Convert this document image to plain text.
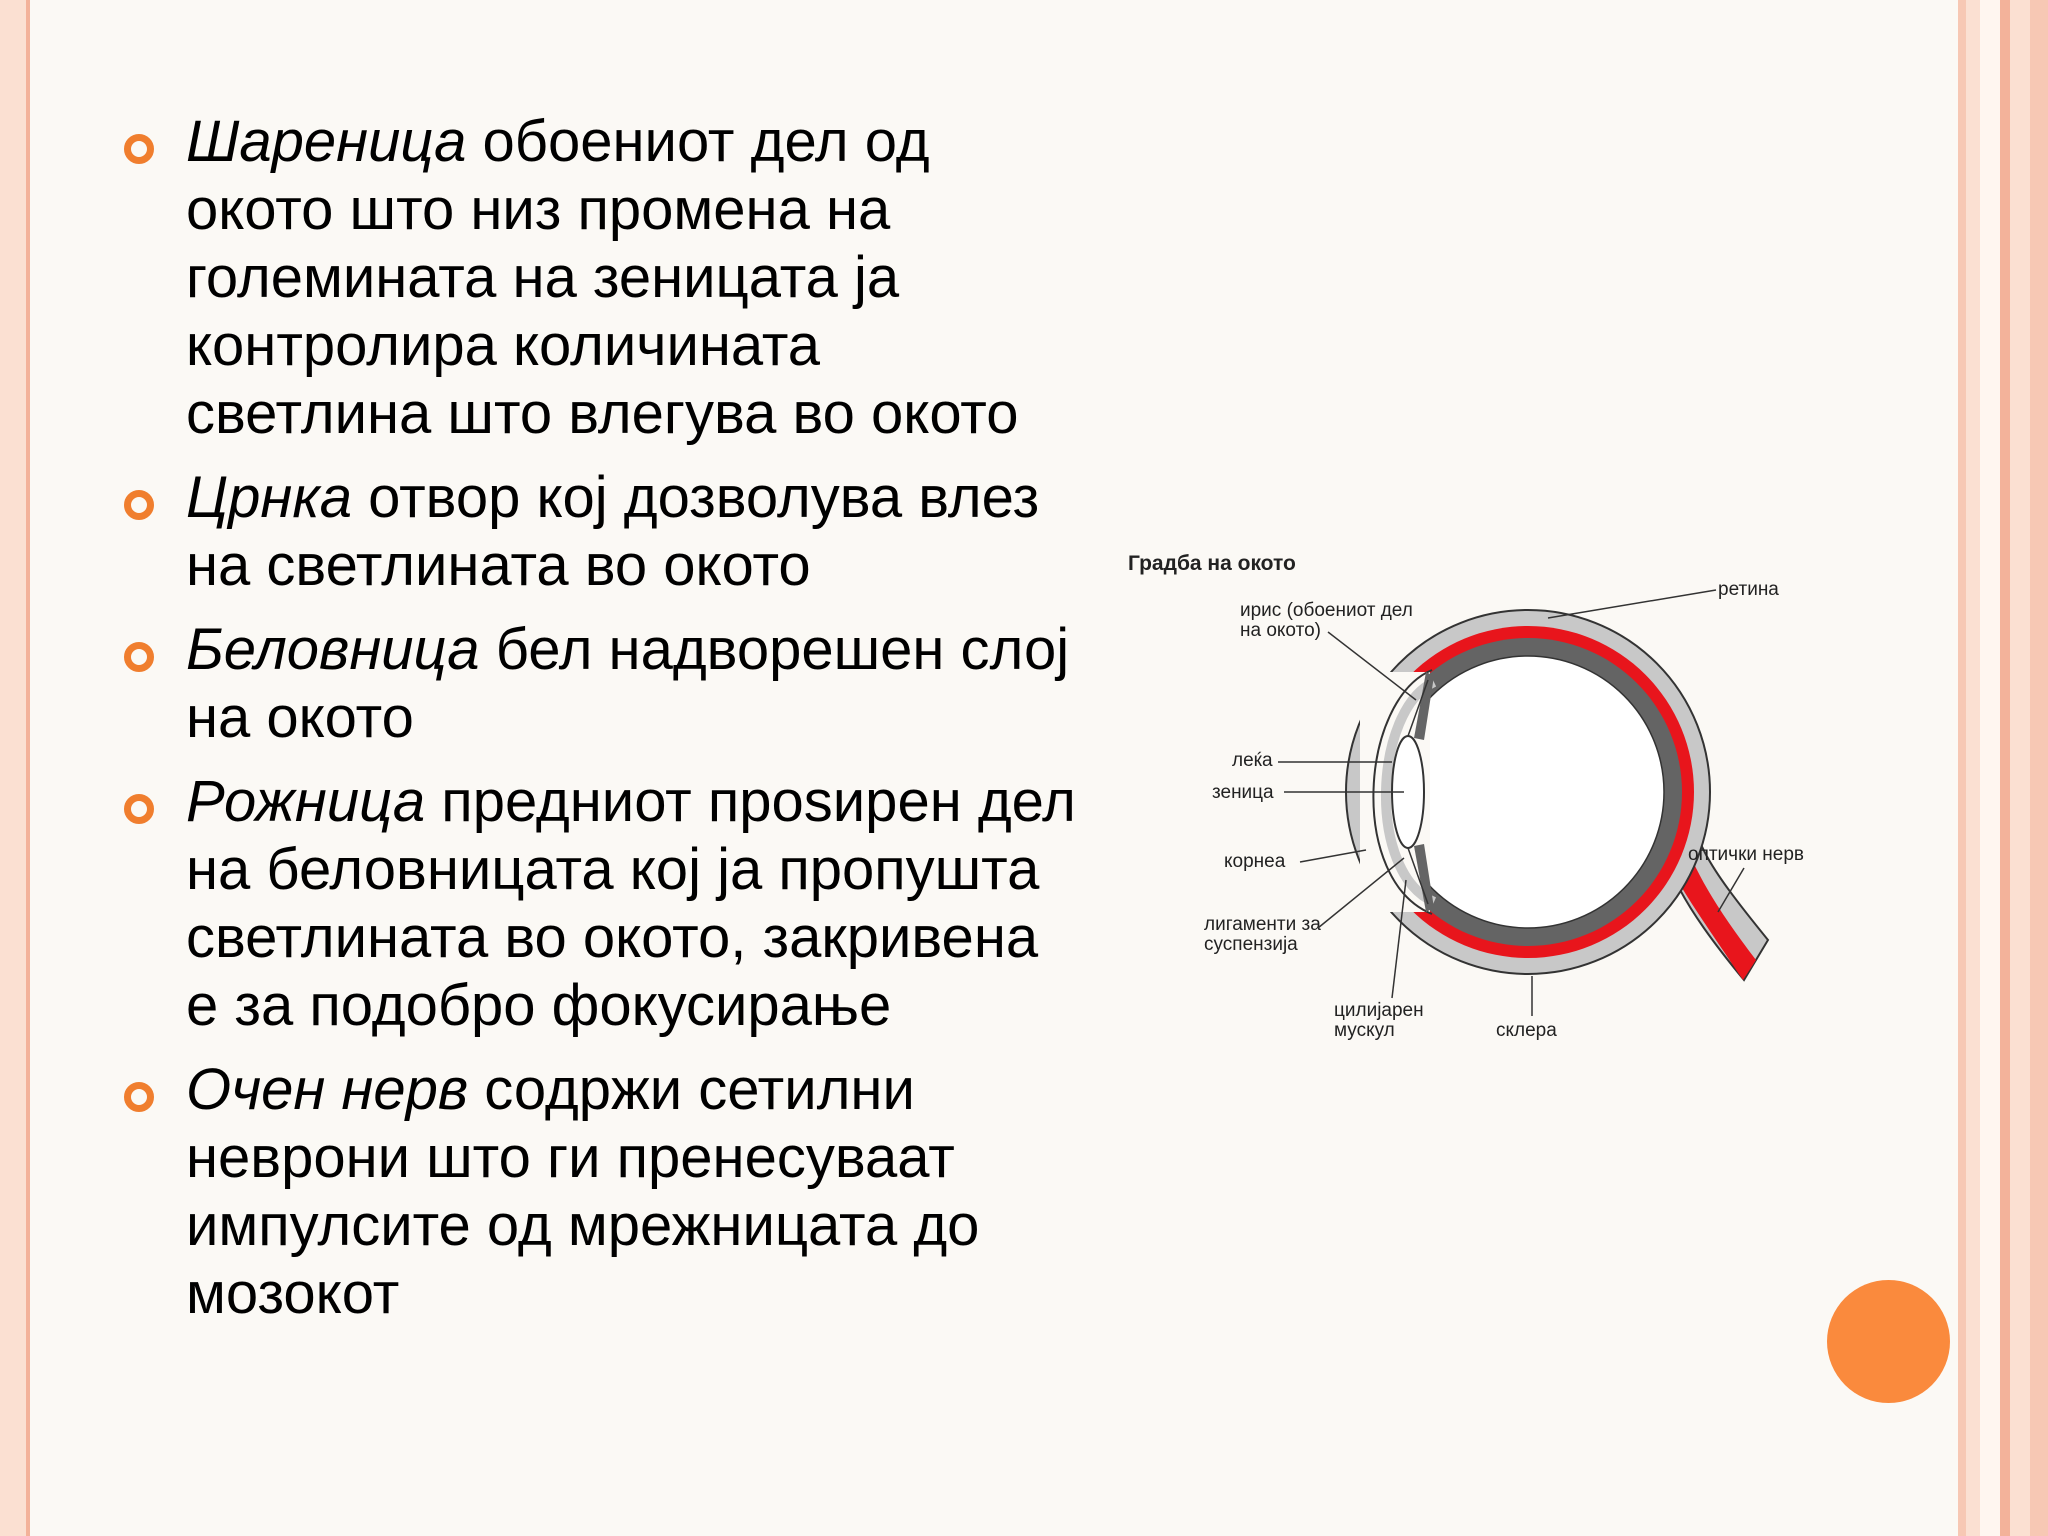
Шареница обоениот дел од окото што низ промена на големината на зеницата ја контролира количината светлина што влегува во окото
Црнка отвор кој дозволува влез на светлината во окото
Беловница бел надворешен слој на окото
Рожница предниот проѕирен дел на беловницата кој ја пропушта светлината во окото, закривена е за подобро фокусирање
Очен нерв содржи сетилни неврони што ги пренесуваат импулсите од мрежницата до мозокот
Градба на окото
ретина
ирис (обоениот дел
на окото)
леќа
зеница
корнеа
лигаменти за
суспензија
оптички нерв
цилијарен
мускул	склера
